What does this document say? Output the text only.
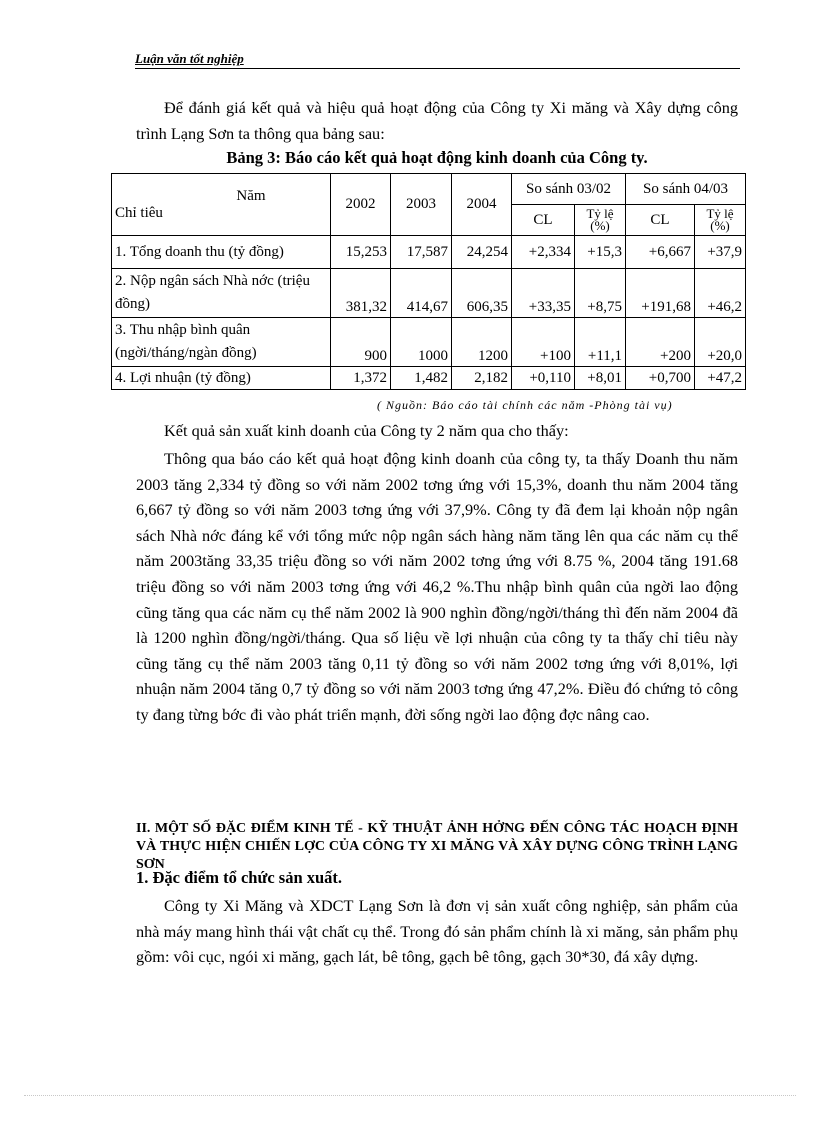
Luận văn tốt nghiệp
Để đánh giá kết quả và hiệu quả hoạt động của Công ty Xi măng và Xây dựng công trình Lạng Sơn ta thông qua bảng sau:
Bảng 3: Báo cáo kết quả hoạt động kinh doanh của Công ty.
Năm
Chỉ tiêu	2002	2003	2004	So sánh 03/02		So sánh 04/03	
				CL	Tỷ lệ (%)	CL	Tỷ lệ (%)
1. Tổng doanh thu (tỷ đồng)	15,253	17,587	24,254	+2,334	+15,3	+6,667	+37,9
2. Nộp ngân sách Nhà nớc (triệu đồng)	381,32	414,67	606,35	+33,35	+8,75	+191,68	+46,2
3. Thu nhập bình quân (ngời/tháng/ngàn đồng)	900	1000	1200	+100	+11,1	+200	+20,0
4. Lợi nhuận (tỷ đồng)	1,372	1,482	2,182	+0,110	+8,01	+0,700	+47,2
( Nguồn: Báo cáo tài chính các năm -Phòng tài vụ)
Kết quả sản xuất kinh doanh của Công ty 2 năm qua cho thấy:
Thông qua báo cáo kết quả hoạt động kinh doanh của công ty, ta thấy Doanh thu năm 2003 tăng 2,334 tỷ đồng so với năm 2002 tơng ứng với 15,3%, doanh thu năm 2004 tăng 6,667 tỷ đồng so với năm 2003 tơng ứng với 37,9%. Công ty đã đem lại khoản nộp ngân sách Nhà nớc đáng kể với tổng mức nộp ngân sách hàng năm tăng lên qua các năm cụ thể năm 2003tăng 33,35 triệu đồng so với năm 2002 tơng ứng với 8.75 %, 2004 tăng 191.68 triệu đồng so với năm 2003 tơng ứng với 46,2 %.Thu nhập bình quân của ngời lao động cũng tăng qua các năm cụ thể năm 2002 là 900 nghìn đồng/ngời/tháng thì đến năm 2004 đã là 1200 nghìn đồng/ngời/tháng. Qua số liệu về lợi nhuận của công ty ta thấy chỉ tiêu này cũng tăng cụ thể năm 2003 tăng 0,11 tỷ đồng so với năm 2002 tơng ứng với 8,01%, lợi nhuận năm 2004 tăng 0,7 tỷ đồng so với năm 2003 tơng ứng 47,2%. Điều đó chứng tỏ công ty đang từng bớc đi vào phát triển mạnh, đời sống ngời lao động đợc nâng cao.
II. MỘT SỐ ĐẶC ĐIỂM KINH TẾ - KỸ THUẬT ẢNH HỞNG ĐẾN CÔNG TÁC HOẠCH ĐỊNH VÀ THỰC HIỆN CHIẾN LỢC CỦA CÔNG TY XI MĂNG VÀ XÂY DỰNG CÔNG TRÌNH LẠNG SƠN
1. Đặc điểm tổ chức sản xuất.
Công ty Xi Măng và XDCT Lạng Sơn là đơn vị sản xuất công nghiệp, sản phẩm của nhà máy mang hình thái vật chất cụ thể. Trong đó sản phẩm chính là xi măng, sản phẩm phụ gồm: vôi cục, ngói xi măng, gạch lát, bê tông, gạch bê tông, gạch 30*30, đá xây dựng.
